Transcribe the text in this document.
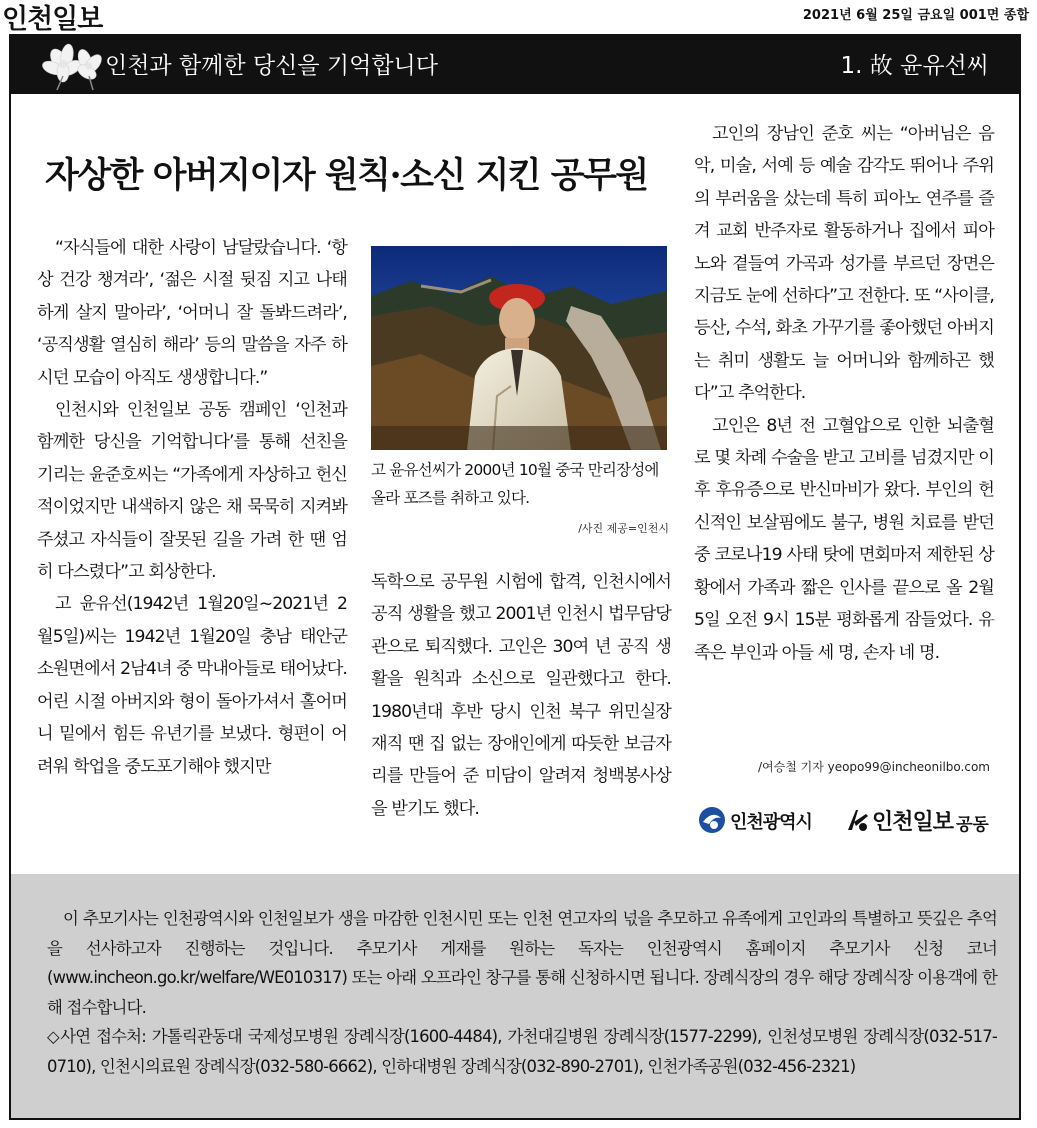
인천일보	2021년 6월 25일 금요일 001면 종합
인천과 함께한 당신을 기억합니다	1. 故 윤유선씨
자상한 아버지이자 원칙·소신 지킨 공무원

“자식들에 대한 사랑이 남달랐습니다. ‘항상 건강 챙겨라’, ‘젊은 시절 뒷짐 지고 나태하게 살지 말아라’, ‘어머니 잘 돌봐드려라’, ‘공직생활 열심히 해라’ 등의 말씀을 자주 하시던 모습이 아직도 생생합니다.”

인천시와 인천일보 공동 캠페인 ‘인천과 함께한 당신을 기억합니다’를 통해 선친을 기리는 윤준호씨는 “가족에게 자상하고 헌신적이었지만 내색하지 않은 채 묵묵히 지켜봐 주셨고 자식들이 잘못된 길을 가려 한 땐 엄히 다스렸다”고 회상한다.

고 윤유선(1942년 1월20일~2021년 2월5일)씨는 1942년 1월20일 충남 태안군 소원면에서 2남4녀 중 막내아들로 태어났다. 어린 시절 아버지와 형이 돌아가셔서 홀어머니 밑에서 힘든 유년기를 보냈다. 형편이 어려워 학업을 중도포기해야 했지만

고 윤유선씨가 2000년 10월 중국 만리장성에 올라 포즈를 취하고 있다.
/사진 제공=인천시

독학으로 공무원 시험에 합격, 인천시에서 공직 생활을 했고 2001년 인천시 법무담당관으로 퇴직했다. 고인은 30여 년 공직 생활을 원칙과 소신으로 일관했다고 한다. 1980년대 후반 당시 인천 북구 위민실장 재직 땐 집 없는 장애인에게 따듯한 보금자리를 만들어 준 미담이 알려져 청백봉사상을 받기도 했다.

고인의 장남인 준호 씨는 “아버님은 음악, 미술, 서예 등 예술 감각도 뛰어나 주위의 부러움을 샀는데 특히 피아노 연주를 즐겨 교회 반주자로 활동하거나 집에서 피아노와 곁들여 가곡과 성가를 부르던 장면은 지금도 눈에 선하다”고 전한다. 또 “사이클, 등산, 수석, 화초 가꾸기를 좋아했던 아버지는 취미 생활도 늘 어머니와 함께하곤 했다”고 추억한다.

고인은 8년 전 고혈압으로 인한 뇌출혈로 몇 차례 수술을 받고 고비를 넘겼지만 이후 후유증으로 반신마비가 왔다. 부인의 헌신적인 보살핌에도 불구, 병원 치료를 받던 중 코로나19 사태 탓에 면회마저 제한된 상황에서 가족과 짧은 인사를 끝으로 올 2월 5일 오전 9시 15분 평화롭게 잠들었다. 유족은 부인과 아들 세 명, 손자 네 명.

/여승철 기자 yeopo99@incheonilbo.com
인천광역시	인천일보 공동

이 추모기사는 인천광역시와 인천일보가 생을 마감한 인천시민 또는 인천 연고자의 넋을 추모하고 유족에게 고인과의 특별하고 뜻깊은 추억을 선사하고자 진행하는 것입니다. 추모기사 게재를 원하는 독자는 인천광역시 홈페이지 추모기사 신청 코너(www.incheon.go.kr/welfare/WE010317) 또는 아래 오프라인 창구를 통해 신청하시면 됩니다. 장례식장의 경우 해당 장례식장 이용객에 한해 접수합니다.

◇사연 접수처: 가톨릭관동대 국제성모병원 장례식장(1600-4484), 가천대길병원 장례식장(1577-2299), 인천성모병원 장례식장(032-517-0710), 인천시의료원 장례식장(032-580-6662), 인하대병원 장례식장(032-890-2701), 인천가족공원(032-456-2321)
